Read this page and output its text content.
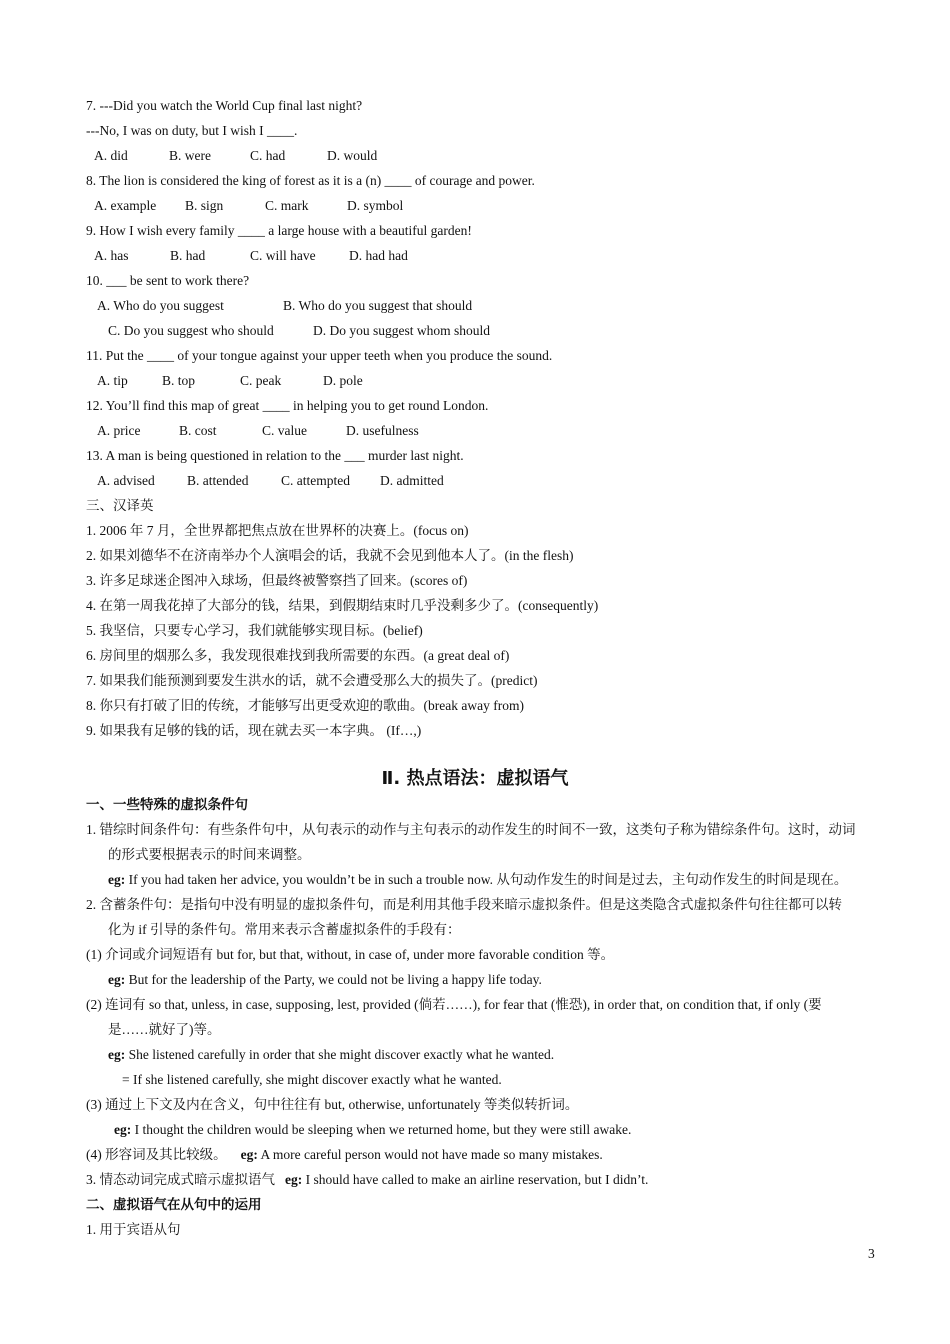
7. ---Did you watch the World Cup final last night?
---No, I was on duty, but I wish I ____.
A. did	B. were	C. had	D. would
8. The lion is considered the king of forest as it is a (n) ____ of courage and power.
A. example B. sign	C. mark	D. symbol
9. How I wish every family ____ a large house with a beautiful garden!
A. has	B. had	C. will have D. had had
10. ___ be sent to work there?
A. Who do you suggest	B. Who do you suggest that should
C. Do you suggest who should	D. Do you suggest whom should
11. Put the ____ of your tongue against your upper teeth when you produce the sound.
A. tip	B. top	C. peak	D. pole
12. You’ll find this map of great ____ in helping you to get round London.
A. price	B. cost	C. value	D. usefulness
13. A man is being questioned in relation to the ___ murder last night.
A. advised B. attended C. attempted D. admitted
三、汉译英
1. 2006 年 7 月，全世界都把焦点放在世界杯的决赛上。(focus on)
2. 如果刘德华不在济南举办个人演唱会的话，我就不会见到他本人了。(in the flesh)
3. 许多足球迷企图冲入球场，但最终被警察挡了回来。(scores of)
4. 在第一周我花掉了大部分的钱，结果，到假期结束时几乎没剩多少了。(consequently)
5. 我坚信，只要专心学习，我们就能够实现目标。(belief)
6. 房间里的烟那么多，我发现很难找到我所需要的东西。(a great deal of)
7. 如果我们能预测到要发生洪水的话，就不会遭受那么大的损失了。(predict)
8. 你只有打破了旧的传统，才能够写出更受欢迎的歌曲。(break away from)
9. 如果我有足够的钱的话，现在就去买一本字典。 (If…,)
Ⅱ. 热点语法：虚拟语气
一、一些特殊的虚拟条件句
1. 错综时间条件句：有些条件句中，从句表示的动作与主句表示的动作发生的时间不一致，这类句子称为错综条件句。这时，动词
的形式要根据表示的时间来调整。
eg: If you had taken her advice, you wouldn’t be in such a trouble now. 从句动作发生的时间是过去，主句动作发生的时间是现在。
2. 含蓄条件句：是指句中没有明显的虚拟条件句，而是利用其他手段来暗示虚拟条件。但是这类隐含式虚拟条件句往往都可以转
化为 if 引导的条件句。常用来表示含蓄虚拟条件的手段有：
(1) 介词或介词短语有 but for, but that, without, in case of, under more favorable condition 等。
eg: But for the leadership of the Party, we could not be living a happy life today.
(2) 连词有 so that, unless, in case, supposing, lest, provided (倘若……), for fear that (惟恐), in order that, on condition that, if only (要
是……就好了)等。
eg: She listened carefully in order that she might discover exactly what he wanted.
= If she listened carefully, she might discover exactly what he wanted.
(3) 通过上下文及内在含义，句中往往有 but, otherwise, unfortunately 等类似转折词。
eg: I thought the children would be sleeping when we returned home, but they were still awake.
(4) 形容词及其比较级。 eg: A more careful person would not have made so many mistakes.
3. 情态动词完成式暗示虚拟语气 eg: I should have called to make an airline reservation, but I didn’t.
二、虚拟语气在从句中的运用
1. 用于宾语从句
3
